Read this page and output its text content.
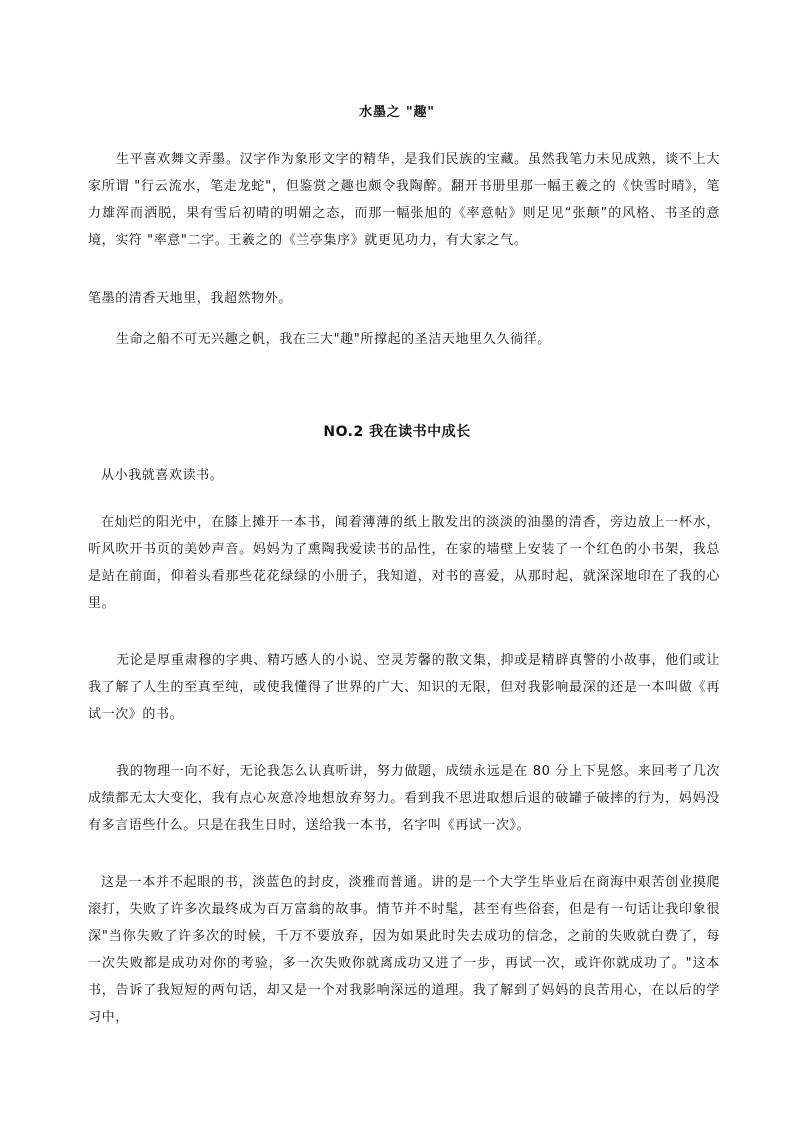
水墨之 "趣"

生平喜欢舞文弄墨。汉字作为象形文字的精华，是我们民族的宝藏。虽然我笔力未见成熟，谈不上大家所谓 "行云流水，笔走龙蛇"，但鉴赏之趣也颇令我陶醉。翻开书册里那一幅王羲之的《快雪时晴》，笔力雄浑而洒脱，果有雪后初晴的明媚之态，而那一幅张旭的《率意帖》则足见“张颠”的风格、书圣的意境，实符 "率意"二字。王羲之的《兰亭集序》就更见功力，有大家之气。

笔墨的清香天地里，我超然物外。

生命之船不可无兴趣之帆，我在三大"趣"所撑起的圣洁天地里久久徜徉。

NO.2 我在读书中成长

从小我就喜欢读书。

在灿烂的阳光中，在膝上摊开一本书，闻着薄薄的纸上散发出的淡淡的油墨的清香，旁边放上一杯水，听风吹开书页的美妙声音。妈妈为了熏陶我爱读书的品性，在家的墙壁上安装了一个红色的小书架，我总是站在前面，仰着头看那些花花绿绿的小册子，我知道，对书的喜爱，从那时起，就深深地印在了我的心里。

无论是厚重肃穆的字典、精巧感人的小说、空灵芳馨的散文集，抑或是精辟真警的小故事，他们或让我了解了人生的至真至纯，或使我懂得了世界的广大、知识的无限，但对我影响最深的还是一本叫做《再试一次》的书。

我的物理一向不好，无论我怎么认真听讲，努力做题，成绩永远是在 80 分上下晃悠。来回考了几次成绩都无太大变化，我有点心灰意冷地想放弃努力。看到我不思进取想后退的破罐子破摔的行为，妈妈没有多言语些什么。只是在我生日时，送给我一本书，名字叫《再试一次》。

这是一本并不起眼的书，淡蓝色的封皮，淡雅而普通。讲的是一个大学生毕业后在商海中艰苦创业摸爬滚打，失败了许多次最终成为百万富翁的故事。情节并不时髦，甚至有些俗套，但是有一句话让我印象很深"当你失败了许多次的时候，千万不要放弃，因为如果此时失去成功的信念，之前的失败就白费了，每一次失败都是成功对你的考验，多一次失败你就离成功又进了一步，再试一次，或许你就成功了。"这本书，告诉了我短短的两句话，却又是一个对我影响深远的道理。我了解到了妈妈的良苦用心，在以后的学习中，
